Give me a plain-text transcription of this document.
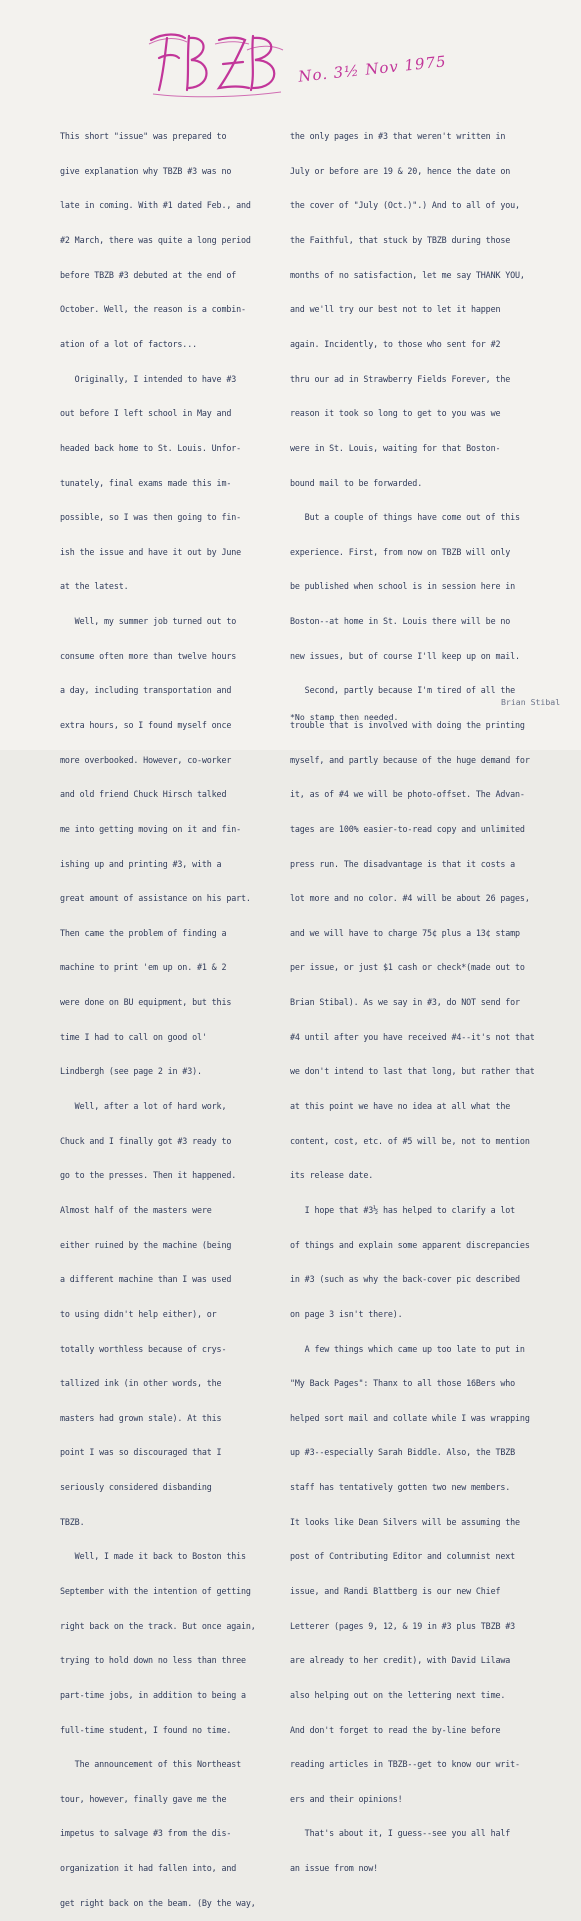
No. 3½ Nov 1975

This short "issue" was prepared to

give explanation why TBZB #3 was no

late in coming. With #1 dated Feb., and

#2 March, there was quite a long period

before TBZB #3 debuted at the end of

October. Well, the reason is a combin-

ation of a lot of factors...

Originally, I intended to have #3

out before I left school in May and

headed back home to St. Louis. Unfor-

tunately, final exams made this im-

possible, so I was then going to fin-

ish the issue and have it out by June

at the latest.

Well, my summer job turned out to

consume often more than twelve hours

a day, including transportation and

extra hours, so I found myself once

more overbooked. However, co-worker

and old friend Chuck Hirsch talked

me into getting moving on it and fin-

ishing up and printing #3, with a

great amount of assistance on his part.

Then came the problem of finding a

machine to print 'em up on. #1 & 2

were done on BU equipment, but this

time I had to call on good ol'

Lindbergh (see page 2 in #3).

Well, after a lot of hard work,

Chuck and I finally got #3 ready to

go to the presses. Then it happened.

Almost half of the masters were

either ruined by the machine (being

a different machine than I was used

to using didn't help either), or

totally worthless because of crys-

tallized ink (in other words, the

masters had grown stale). At this

point I was so discouraged that I

seriously considered disbanding

TBZB.

Well, I made it back to Boston this

September with the intention of getting

right back on the track. But once again,

trying to hold down no less than three

part-time jobs, in addition to being a

full-time student, I found no time.

The announcement of this Northeast

tour, however, finally gave me the

impetus to salvage #3 from the dis-

organization it had fallen into, and

get right back on the beam. (By the way,

the only pages in #3 that weren't written in

July or before are 19 & 20, hence the date on

the cover of "July (Oct.)".) And to all of you,

the Faithful, that stuck by TBZB during those

months of no satisfaction, let me say THANK YOU,

and we'll try our best not to let it happen

again. Incidently, to those who sent for #2

thru our ad in Strawberry Fields Forever, the

reason it took so long to get to you was we

were in St. Louis, waiting for that Boston-

bound mail to be forwarded.

But a couple of things have come out of this

experience. First, from now on TBZB will only

be published when school is in session here in

Boston--at home in St. Louis there will be no

new issues, but of course I'll keep up on mail.

Second, partly because I'm tired of all the

trouble that is involved with doing the printing

myself, and partly because of the huge demand for

it, as of #4 we will be photo-offset. The Advan-

tages are 100% easier-to-read copy and unlimited

press run. The disadvantage is that it costs a

lot more and no color. #4 will be about 26 pages,

and we will have to charge 75¢ plus a 13¢ stamp

per issue, or just $1 cash or check*(made out to

Brian Stibal). As we say in #3, do NOT send for

#4 until after you have received #4--it's not that

we don't intend to last that long, but rather that

at this point we have no idea at all what the

content, cost, etc. of #5 will be, not to mention

its release date.

I hope that #3½ has helped to clarify a lot

of things and explain some apparent discrepancies

in #3 (such as why the back-cover pic described

on page 3 isn't there).

A few things which came up too late to put in

"My Back Pages": Thanx to all those 16Bers who

helped sort mail and collate while I was wrapping

up #3--especially Sarah Biddle. Also, the TBZB

staff has tentatively gotten two new members.

It looks like Dean Silvers will be assuming the

post of Contributing Editor and columnist next

issue, and Randi Blattberg is our new Chief

Letterer (pages 9, 12, & 19 in #3 plus TBZB #3

are already to her credit), with David Lilawa

also helping out on the lettering next time.

And don't forget to read the by-line before

reading articles in TBZB--get to know our writ-

ers and their opinions!

That's about it, I guess--see you all half

an issue from now!

Brian Stibal
*No stamp then needed.
